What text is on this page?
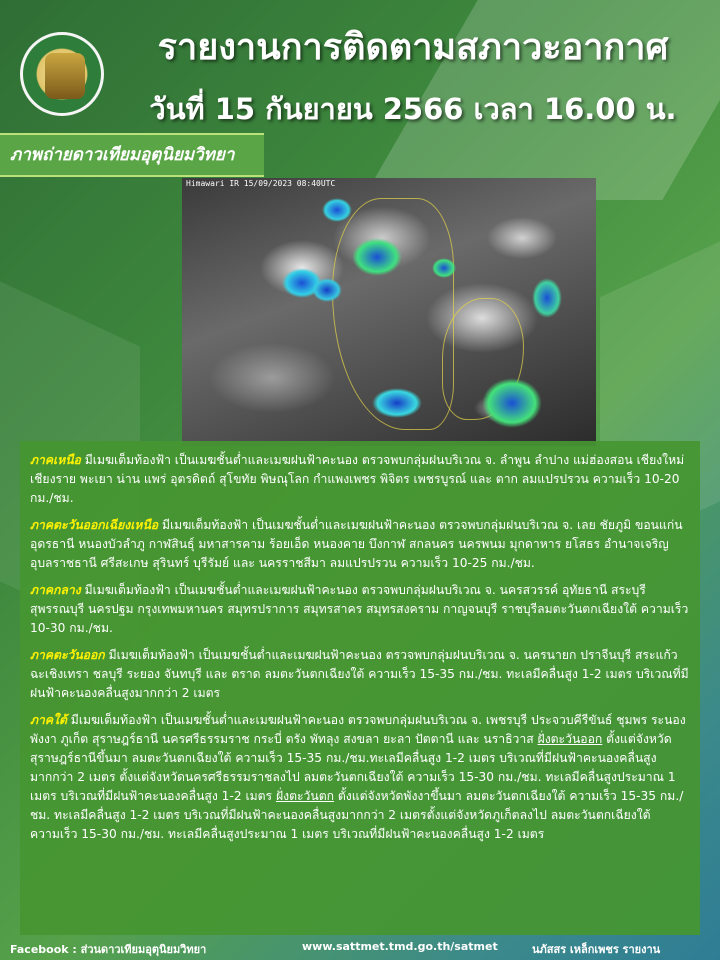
รายงานการติดตามสภาวะอากาศ
วันที่ 15 กันยายน 2566 เวลา 16.00 น.
ภาพถ่ายดาวเทียมอุตุนิยมวิทยา
Himawari IR 15/09/2023 08:40UTC

ภาคเหนือ มีเมฆเต็มท้องฟ้า เป็นเมฆชั้นต่ำและเมฆฝนฟ้าคะนอง ตรวจพบกลุ่มฝนบริเวณ จ. ลำพูน ลำปาง แม่ฮ่องสอน เชียงใหม่ เชียงราย พะเยา น่าน แพร่ อุตรดิตถ์ สุโขทัย พิษณุโลก กำแพงเพชร พิจิตร เพชรบูรณ์ และ ตาก ลมแปรปรวน ความเร็ว 10-20 กม./ชม.

ภาคตะวันออกเฉียงเหนือ มีเมฆเต็มท้องฟ้า เป็นเมฆชั้นต่ำและเมฆฝนฟ้าคะนอง ตรวจพบกลุ่มฝนบริเวณ จ. เลย ชัยภูมิ ขอนแก่น อุดรธานี หนองบัวลำภู กาฬสินธุ์ มหาสารคาม ร้อยเอ็ด หนองคาย บึงกาฬ สกลนคร นครพนม มุกดาหาร ยโสธร อำนาจเจริญ อุบลราชธานี ศรีสะเกษ สุรินทร์ บุรีรัมย์ และ นครราชสีมา ลมแปรปรวน ความเร็ว 10-25 กม./ชม.

ภาคกลาง มีเมฆเต็มท้องฟ้า เป็นเมฆชั้นต่ำและเมฆฝนฟ้าคะนอง ตรวจพบกลุ่มฝนบริเวณ จ. นครสวรรค์ อุทัยธานี สระบุรี สุพรรณบุรี นครปฐม กรุงเทพมหานคร สมุทรปราการ สมุทรสาคร สมุทรสงคราม กาญจนบุรี ราชบุรีลมตะวันตกเฉียงใต้ ความเร็ว 10-30 กม./ชม.

ภาคตะวันออก มีเมฆเต็มท้องฟ้า เป็นเมฆชั้นต่ำและเมฆฝนฟ้าคะนอง ตรวจพบกลุ่มฝนบริเวณ จ. นครนายก ปราจีนบุรี สระแก้ว ฉะเชิงเทรา ชลบุรี ระยอง จันทบุรี และ ตราด ลมตะวันตกเฉียงใต้ ความเร็ว 15-35 กม./ชม. ทะเลมีคลื่นสูง 1-2 เมตร บริเวณที่มีฝนฟ้าคะนองคลื่นสูงมากกว่า 2 เมตร

ภาคใต้ มีเมฆเต็มท้องฟ้า เป็นเมฆชั้นต่ำและเมฆฝนฟ้าคะนอง ตรวจพบกลุ่มฝนบริเวณ จ. เพชรบุรี ประจวบคีรีขันธ์ ชุมพร ระนอง พังงา ภูเก็ต สุราษฎร์ธานี นครศรีธรรมราช กระบี่ ตรัง พัทลุง สงขลา ยะลา ปัตตานี และ นราธิวาส ฝั่งตะวันออก ตั้งแต่จังหวัดสุราษฎร์ธานีขึ้นมา ลมตะวันตกเฉียงใต้ ความเร็ว 15-35 กม./ชม.ทะเลมีคลื่นสูง 1-2 เมตร บริเวณที่มีฝนฟ้าคะนองคลื่นสูงมากกว่า 2 เมตร ตั้งแต่จังหวัดนครศรีธรรมราชลงไป ลมตะวันตกเฉียงใต้ ความเร็ว 15-30 กม./ชม. ทะเลมีคลื่นสูงประมาณ 1 เมตร บริเวณที่มีฝนฟ้าคะนองคลื่นสูง 1-2 เมตร ฝั่งตะวันตก ตั้งแต่จังหวัดพังงาขึ้นมา ลมตะวันตกเฉียงใต้ ความเร็ว 15-35 กม./ชม. ทะเลมีคลื่นสูง 1-2 เมตร บริเวณที่มีฝนฟ้าคะนองคลื่นสูงมากกว่า 2 เมตรตั้งแต่จังหวัดภูเก็ตลงไป ลมตะวันตกเฉียงใต้ ความเร็ว 15-30 กม./ชม. ทะเลมีคลื่นสูงประมาณ 1 เมตร บริเวณที่มีฝนฟ้าคะนองคลื่นสูง 1-2 เมตร

Facebook : ส่วนดาวเทียมอุตุนิยมวิทยา	www.sattmet.tmd.go.th/satmet	นภัสสร เหล็กเพชร รายงาน
